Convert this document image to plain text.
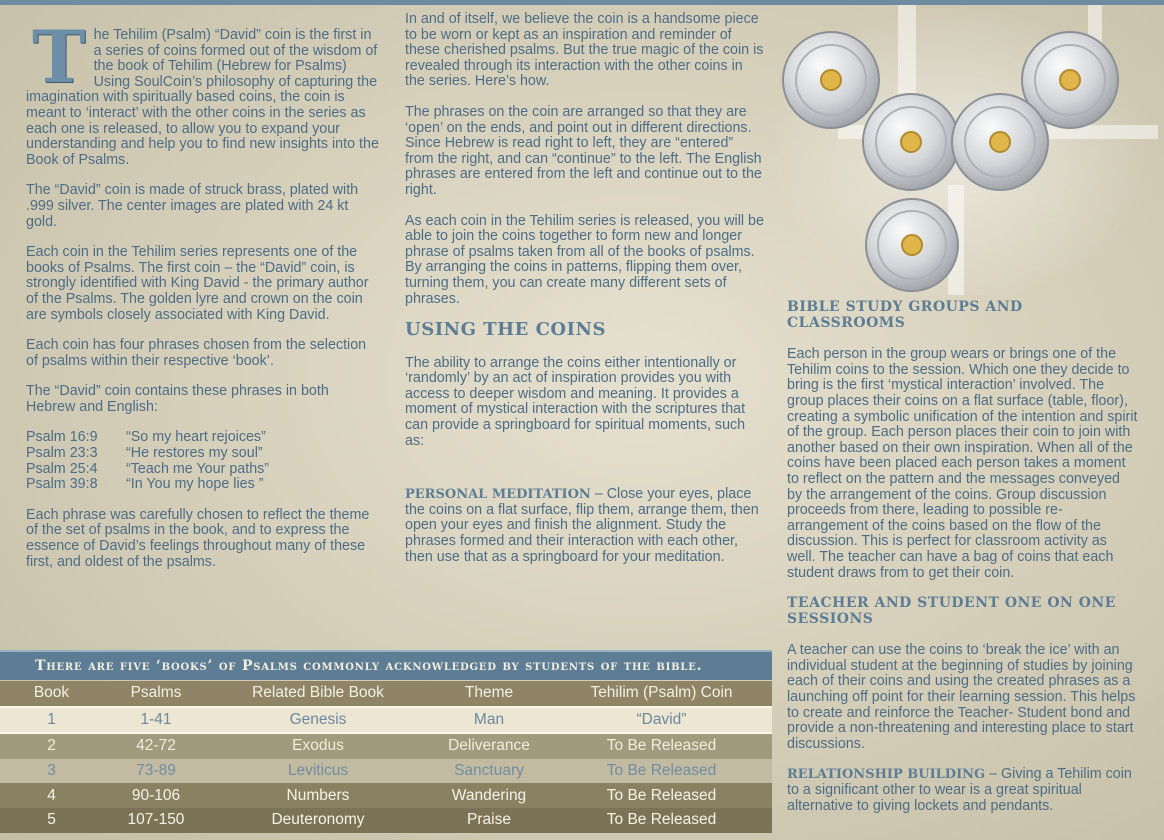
The Tehilim (Psalm) “David” coin is the first in a series of coins formed out of the wisdom of the book of Tehilim (Hebrew for Psalms) Using SoulCoin’s philosophy of capturing the imagination with spiritually based coins, the coin is meant to ‘interact’ with the other coins in the series as each one is released, to allow you to expand your understanding and help you to find new insights into the Book of Psalms.

The “David” coin is made of struck brass, plated with .999 silver. The center images are plated with 24 kt gold.

Each coin in the Tehilim series represents one of the books of Psalms. The first coin – the “David” coin, is strongly identified with King David - the primary author of the Psalms. The golden lyre and crown on the coin are symbols closely associated with King David.

Each coin has four phrases chosen from the selection of psalms within their respective ‘book’.

The “David” coin contains these phrases in both Hebrew and English:

Psalm 16:9	“So my heart rejoices”
Psalm 23:3	“He restores my soul”
Psalm 25:4	“Teach me Your paths”
Psalm 39:8	“In You my hope lies ”

Each phrase was carefully chosen to reflect the theme of the set of psalms in the book, and to express the essence of David’s feelings throughout many of these first, and oldest of the psalms.

In and of itself, we believe the coin is a handsome piece to be worn or kept as an inspiration and reminder of these cherished psalms. But the true magic of the coin is revealed through its interaction with the other coins in the series. Here’s how.

The phrases on the coin are arranged so that they are ‘open’ on the ends, and point out in different directions. Since Hebrew is read right to left, they are “entered” from the right, and can “continue” to the left. The English phrases are entered from the left and continue out to the right.

As each coin in the Tehilim series is released, you will be able to join the coins together to form new and longer phrase of psalms taken from all of the books of psalms. By arranging the coins in patterns, flipping them over, turning them, you can create many different sets of phrases.

USING THE COINS

The ability to arrange the coins either intentionally or ‘randomly’ by an act of inspiration provides you with access to deeper wisdom and meaning. It provides a moment of mystical interaction with the scriptures that can provide a springboard for spiritual moments, such as:

PERSONAL MEDITATION – Close your eyes, place the coins on a flat surface, flip them, arrange them, then open your eyes and finish the alignment. Study the phrases formed and their interaction with each other, then use that as a springboard for your meditation.

BIBLE STUDY GROUPS AND CLASSROOMS

Each person in the group wears or brings one of the Tehilim coins to the session. Which one they decide to bring is the first ‘mystical interaction’ involved. The group places their coins on a flat surface (table, floor), creating a symbolic unification of the intention and spirit of the group. Each person places their coin to join with another based on their own inspiration. When all of the coins have been placed each person takes a moment to reflect on the pattern and the messages conveyed by the arrangement of the coins. Group discussion proceeds from there, leading to possible re-arrangement of the coins based on the flow of the discussion. This is perfect for classroom activity as well. The teacher can have a bag of coins that each student draws from to get their coin.

TEACHER AND STUDENT ONE ON ONE SESSIONS

A teacher can use the coins to ‘break the ice’ with an individual student at the beginning of studies by joining each of their coins and using the created phrases as a launching off point for their learning session. This helps to create and reinforce the Teacher- Student bond and provide a non-threatening and interesting place to start discussions.

RELATIONSHIP BUILDING – Giving a Tehilim coin to a significant other to wear is a great spiritual alternative to giving lockets and pendants.

There are five ‘books’ of Psalms commonly acknowledged by students of the bible.
Book	Psalms	Related Bible Book	Theme	Tehilim (Psalm) Coin
1	1-41	Genesis	Man	“David”
2	42-72	Exodus	Deliverance	To Be Released
3	73-89	Leviticus	Sanctuary	To Be Released
4	90-106	Numbers	Wandering	To Be Released
5	107-150	Deuteronomy	Praise	To Be Released
